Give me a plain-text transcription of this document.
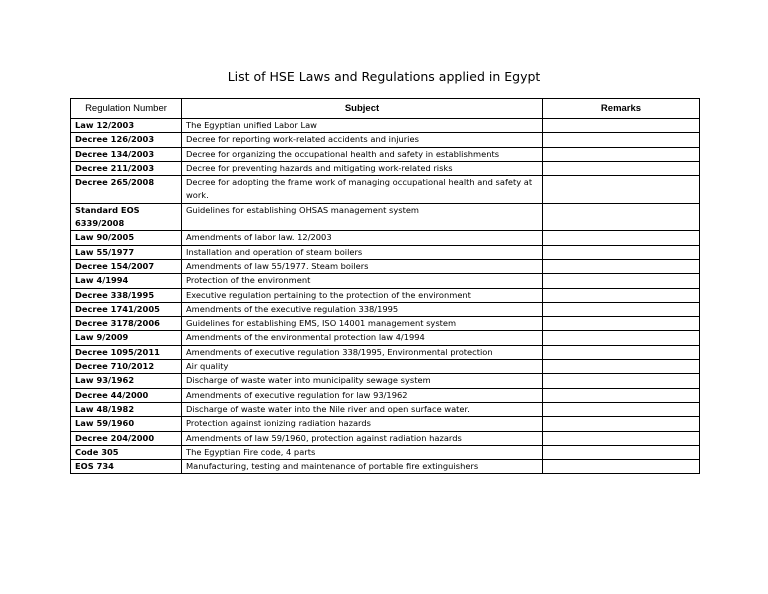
List of HSE Laws and Regulations applied in Egypt
Regulation Number	Subject	Remarks
Law 12/2003	The Egyptian unified Labor Law	
Decree 126/2003	Decree for reporting work-related accidents and injuries	
Decree 134/2003	Decree for organizing the occupational health and safety in establishments	
Decree 211/2003	Decree for preventing hazards and mitigating work-related risks	
Decree 265/2008	Decree for adopting the frame work of managing occupational health and safety at work.	
Standard EOS 6339/2008	Guidelines for establishing OHSAS management system	
Law 90/2005	Amendments of labor law. 12/2003	
Law 55/1977	Installation and operation of steam boilers	
Decree 154/2007	Amendments of law 55/1977. Steam boilers	
Law 4/1994	Protection of the environment	
Decree 338/1995	Executive regulation pertaining to the protection of the environment	
Decree 1741/2005	Amendments of the executive regulation 338/1995	
Decree 3178/2006	Guidelines for establishing EMS, ISO 14001 management system	
Law 9/2009	Amendments of the environmental protection law 4/1994	
Decree 1095/2011	Amendments of executive regulation 338/1995, Environmental protection	
Decree 710/2012	Air quality	
Law 93/1962	Discharge of waste water into municipality sewage system	
Decree 44/2000	Amendments of executive regulation for law 93/1962	
Law 48/1982	Discharge of waste water into the Nile river and open surface water.	
Law 59/1960	Protection against ionizing radiation hazards	
Decree 204/2000	Amendments of law 59/1960, protection against radiation hazards	
Code 305	The Egyptian Fire code, 4 parts	
EOS 734	Manufacturing, testing and maintenance of portable fire extinguishers	
